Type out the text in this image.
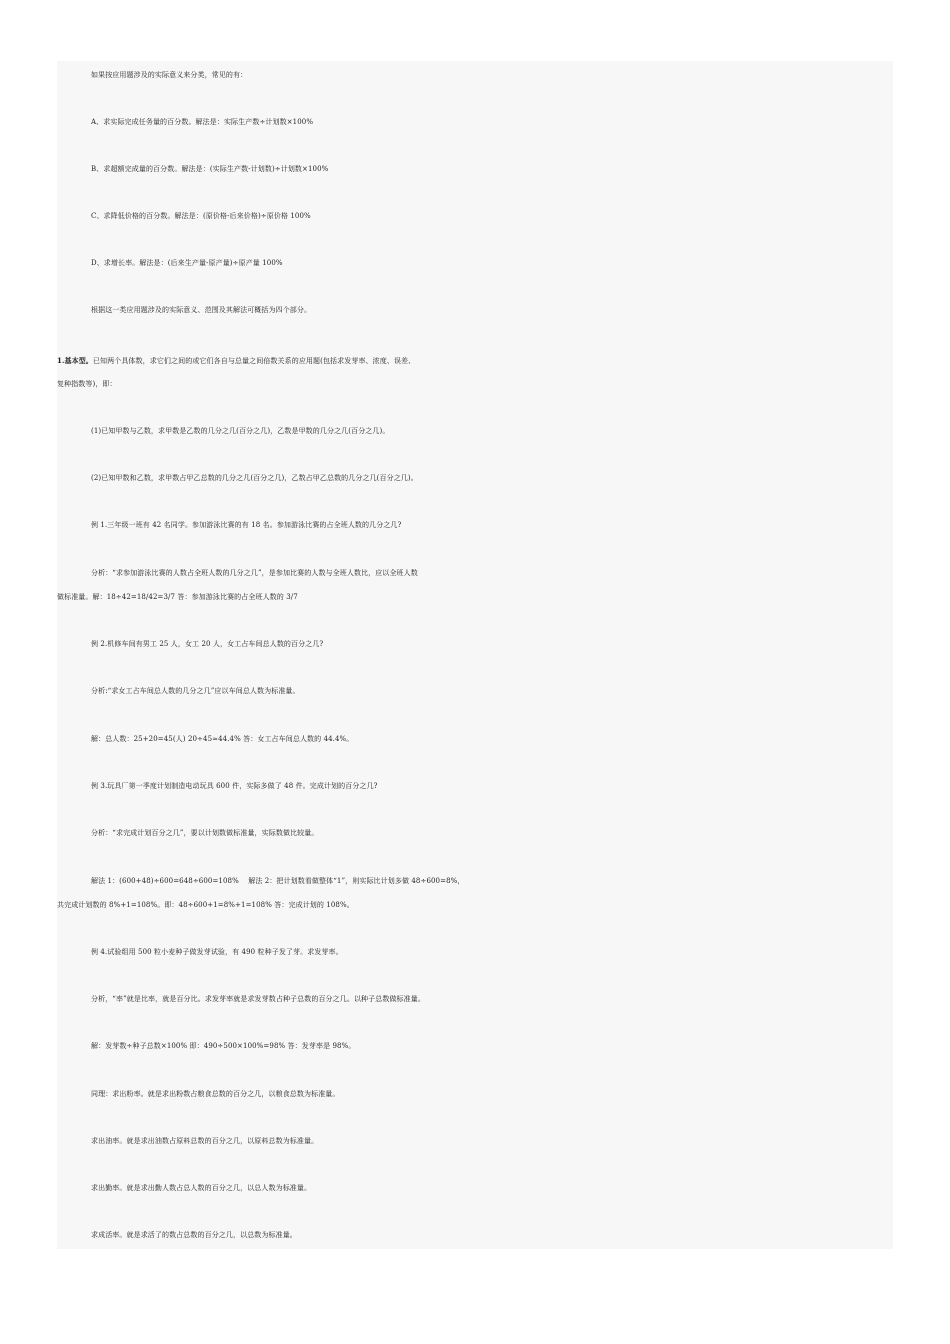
如果按应用题涉及的实际意义来分类，常见的有：
A、求实际完成任务量的百分数。解法是：实际生产数÷计划数×100%
B、求超额完成量的百分数。解法是：(实际生产数-计划数)÷计划数×100%
C、求降低价格的百分数。解法是：(原价格-后来价格)÷原价格 100%
D、求增长率。解法是：(后来生产量-原产量)÷原产量 100%
根据这一类应用题涉及的实际意义、范围及其解法可概括为四个部分。
1.基本型。已知两个具体数，求它们之间的或它们各自与总量之间倍数关系的应用题(包括求发芽率、浓度、误差、
复种指数等)，即：
(1)已知甲数与乙数，求甲数是乙数的几分之几(百分之几)，乙数是甲数的几分之几(百分之几)。
(2)已知甲数和乙数，求甲数占甲乙总数的几分之几(百分之几)，乙数占甲乙总数的几分之几(百分之几)。
例 1.三年级一班有 42 名同学。参加游泳比赛的有 18 名。参加游泳比赛的占全班人数的几分之几?
分析：“求参加游泳比赛的人数占全班人数的几分之几”，是参加比赛的人数与全班人数比，应以全班人数
做标准量。解：18÷42=18/42=3/7 答：参加游泳比赛的占全班人数的 3/7
例 2.机修车间有男工 25 人，女工 20 人，女工占车间总人数的百分之几?
分析:“求女工占车间总人数的几分之几”应以车间总人数为标准量。
解：总人数：25+20=45(人) 20÷45≈44.4% 答：女工占车间总人数的 44.4%。
例 3.玩具厂第一季度计划制造电动玩具 600 件，实际多做了 48 件。完成计划的百分之几?
分析：“求完成计划百分之几”，要以计划数做标准量，实际数做比较量。
解法 1：(600+48)÷600=648÷600=108%　 解法 2：把计划数看做整体“1”，则实际比计划多做 48÷600=8%，
共完成计划数的 8%+1=108%。即：48÷600+1=8%+1=108% 答：完成计划的 108%。
例 4.试验组用 500 粒小麦种子做发芽试验，有 490 粒种子发了芽。求发芽率。
分析，“率”就是比率，就是百分比。求发芽率就是求发芽数占种子总数的百分之几。以种子总数做标准量。
解：发芽数÷种子总数×100% 即：490÷500×100%=98% 答：发芽率是 98%。
同理：求出粉率。就是求出粉数占粮食总数的百分之几，以粮食总数为标准量。
求出油率。就是求出油数占原料总数的百分之几，以原料总数为标准量。
求出勤率。就是求出勤人数占总人数的百分之几，以总人数为标准量。
求成活率。就是求活了的数占总数的百分之几，以总数为标准量。
